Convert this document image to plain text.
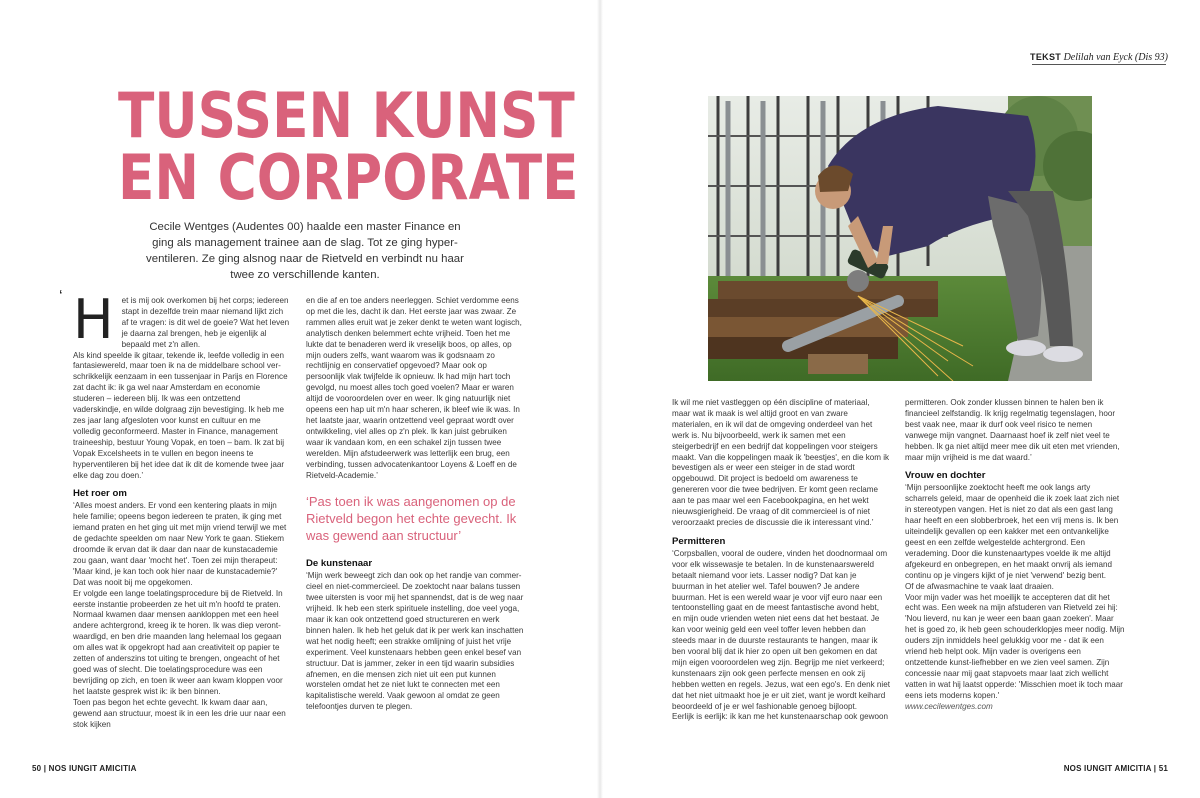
TUSSEN KUNST
EN CORPORATE

Cecile Wentges (Audentes 00) haalde een master Finance en ging als management trainee aan de slag. Tot ze ging hyper-ventileren. Ze ging alsnog naar de Rietveld en verbindt nu haar twee zo verschillende kanten.

‘ H et is mij ook overkomen bij het corps; iedereen stapt in dezelfde trein maar niemand lijkt zich af te vragen: is dit wel de goeie? Wat het leven je daarna zal brengen, heb je eigenlijk al bepaald met z'n allen.

Als kind speelde ik gitaar, tekende ik, leefde volledig in een fantasiewereld, maar toen ik na de middelbare school ver-schrikkelijk eenzaam in een tussenjaar in Parijs en Florence zat dacht ik: ik ga wel naar Amsterdam en economie studeren – iedereen blij. Ik was een ontzettend vaderskindje, en wilde dolgraag zijn bevestiging. Ik heb me zes jaar lang afgesloten voor kunst en cultuur en me volledig geconformeerd. Master in Finance, management traineeship, bestuur Young Vopak, en toen – bam. Ik zat bij Vopak Excelsheets in te vullen en begon ineens te hyperventileren bij het idee dat ik dit de komende twee jaar elke dag zou doen.’

Het roer om

‘Alles moest anders. Er vond een kentering plaats in mijn hele familie; opeens begon iedereen te praten, ik ging met iemand praten en het ging uit met mijn vriend terwijl we met de gedachte speelden om naar New York te gaan. Stiekem droomde ik ervan dat ik daar dan naar de kunstacademie zou gaan, want daar 'mocht het'. Toen zei mijn therapeut: 'Maar kind, je kan toch ook hier naar de kunstacademie?' Dat was nooit bij me opgekomen.

Er volgde een lange toelatingsprocedure bij de Rietveld. In eerste instantie probeerden ze het uit m'n hoofd te praten. Normaal kwamen daar mensen aankloppen met een heel andere achtergrond, kreeg ik te horen. Ik was diep veront-waardigd, en ben drie maanden lang helemaal los gegaan om alles wat ik opgekropt had aan creativiteit op papier te zetten of anderszins tot uiting te brengen, ongeacht of het goed was of slecht. Die toelatingsprocedure was een bevrijding op zich, en toen ik weer aan kwam kloppen voor het laatste gesprek wist ik: ik ben binnen.

Toen pas begon het echte gevecht. Ik kwam daar aan, gewend aan structuur, moest ik in een les drie uur naar een stok kijken

en die af en toe anders neerleggen. Schiet verdomme eens op met die les, dacht ik dan. Het eerste jaar was zwaar. Ze rammen alles eruit wat je zeker denkt te weten want logisch, analytisch denken belemmert echte vrijheid. Toen het me lukte dat te benaderen werd ik vreselijk boos, op alles, op mijn ouders zelfs, want waarom was ik godsnaam zo rechtlijnig en conservatief opgevoed? Maar ook op persoonlijk vlak twijfelde ik opnieuw. Ik had mijn hart toch gevolgd, nu moest alles toch goed voelen? Maar er waren altijd de vooroordelen over en weer. Ik ging natuurlijk niet opeens een hap uit m'n haar scheren, ik bleef wie ik was. In het laatste jaar, waarin ontzettend veel gepraat wordt over ontwikkeling, viel alles op z'n plek. Ik kan juist gebruiken waar ik vandaan kom, en een schakel zijn tussen twee werelden. Mijn afstudeerwerk was letterlijk een brug, een verbinding, tussen advocatenkantoor Loyens & Loeff en de Rietveld-Academie.’

‘Pas toen ik was aangenomen op de Rietveld begon het echte gevecht. Ik was gewend aan structuur’
De kunstenaar

‘Mijn werk beweegt zich dan ook op het randje van commer-cieel en niet-commercieel. De zoektocht naar balans tussen twee uitersten is voor mij het spannendst, dat is de weg naar vrijheid. Ik heb een sterk spirituele instelling, doe veel yoga, maar ik kan ook ontzettend goed structureren en werk binnen halen. Ik heb het geluk dat ik per werk kan inschatten wat het nodig heeft; een strakke omlijning of juist het vrije experiment. Veel kunstenaars hebben geen enkel besef van structuur. Dat is jammer, zeker in een tijd waarin subsidies afnemen, en die mensen zich niet uit een put kunnen worstelen omdat het ze niet lukt te connecten met een kapitalistische wereld. Vaak gewoon al omdat ze geen telefoontjes durven te plegen.

TEKST Delilah van Eyck (Dis 93)

Ik wil me niet vastleggen op één discipline of materiaal, maar wat ik maak is wel altijd groot en van zware materialen, en ik wil dat de omgeving onderdeel van het werk is. Nu bijvoorbeeld, werk ik samen met een steigerbedrijf en een bedrijf dat koppelingen voor steigers maakt. Van die koppelingen maak ik 'beestjes', en die kom ik bevestigen als er weer een steiger in de stad wordt opgebouwd. Dit project is bedoeld om awareness te genereren voor die twee bedrijven. Er komt geen reclame aan te pas maar wel een Facebookpagina, en het wekt nieuwsgierigheid. De vraag of dit commercieel is of niet veroorzaakt precies de discussie die ik interessant vind.’

Permitteren

‘Corpsballen, vooral de oudere, vinden het doodnormaal om voor elk wissewasje te betalen. In de kunstenaarswereld betaalt niemand voor iets. Lasser nodig? Dat kan je buurman in het atelier wel. Tafel bouwen? Je andere buurman. Het is een wereld waar je voor vijf euro naar een tentoonstelling gaat en de meest fantastische avond hebt, en mijn oude vrienden weten niet eens dat het bestaat. Je kan voor weinig geld een veel toffer leven hebben dan steeds maar in de duurste restaurants te hangen, maar ik ben vooral blij dat ik hier zo open uit ben gekomen en dat mijn eigen vooroordelen weg zijn. Begrijp me niet verkeerd; kunstenaars zijn ook geen perfecte mensen en ook zij hebben wetten en regels. Jezus, wat een ego's. En denk niet dat het niet uitmaakt hoe je er uit ziet, want je wordt keihard beoordeeld of je er wel fashionable genoeg bijloopt.

Eerlijk is eerlijk: ik kan me het kunstenaarschap ook gewoon

permitteren. Ook zonder klussen binnen te halen ben ik financieel zelfstandig. Ik krijg regelmatig tegenslagen, hoor best vaak nee, maar ik durf ook veel risico te nemen vanwege mijn vangnet. Daarnaast hoef ik zelf niet veel te hebben. Ik ga niet altijd meer mee dik uit eten met vrienden, maar mijn vrijheid is me dat waard.’

Vrouw en dochter

‘Mijn persoonlijke zoektocht heeft me ook langs arty scharrels geleid, maar de openheid die ik zoek laat zich niet in stereotypen vangen. Het is niet zo dat als een gast lang haar heeft en een slobberbroek, het een vrij mens is. Ik ben uiteindelijk gevallen op een kakker met een ontvankelijke geest en een zelfde welgestelde achtergrond. Een verademing. Door die kunstenaartypes voelde ik me altijd afgekeurd en onbegrepen, en het maakt onvrij als iemand continu op je vingers kijkt of je niet 'verwend' bezig bent.

Of de afwasmachine te vaak laat draaien.

Voor mijn vader was het moeilijk te accepteren dat dit het echt was. Een week na mijn afstuderen van Rietveld zei hij: 'Nou lieverd, nu kan je weer een baan gaan zoeken'. Maar het is goed zo, ik heb geen schouderklopjes meer nodig. Mijn ouders zijn inmiddels heel gelukkig voor me - dat ik een vriend heb helpt ook. Mijn vader is overigens een ontzettende kunst-liefhebber en we zien veel samen. Zijn concessie naar mij gaat stapvoets maar laat zich wellicht vatten in wat hij laatst opperde: 'Misschien moet ik toch maar eens iets moderns kopen.'

www.cecilewentges.com

50 | NOS IUNGIT AMICITIA	NOS IUNGIT AMICITIA | 51
